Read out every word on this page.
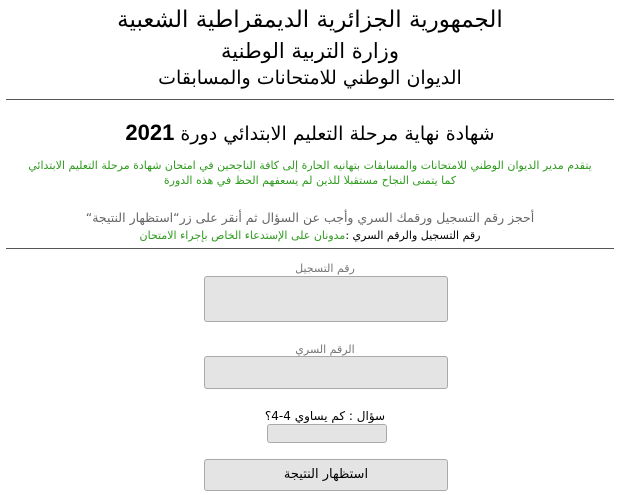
الجمهورية الجزائرية الديمقراطية الشعبية
وزارة التربية الوطنية
الديوان الوطني للامتحانات والمسابقات
شهادة نهاية مرحلة التعليم الابتدائي دورة 2021
يتقدم مدير الديوان الوطني للامتحانات والمسابقات بتهانيه الحارة إلى كافة الناجحين في امتحان شهادة مرحلة التعليم الابتدائي
كما يتمنى النجاح مستقبلا للذين لم يسعفهم الحظ في هذه الدورة
أحجز رقم التسجيل ورقمك السري وأجب عن السؤال ثم أنقر على زر“استظهار النتيجة“
رقم التسجيل والرقم السري :مدونان على الإستدعاء الخاص بإجراء الامتحان
رقم التسجيل
الرقم السري
سؤال : كم يساوي 4-4؟
استظهار النتيجة
